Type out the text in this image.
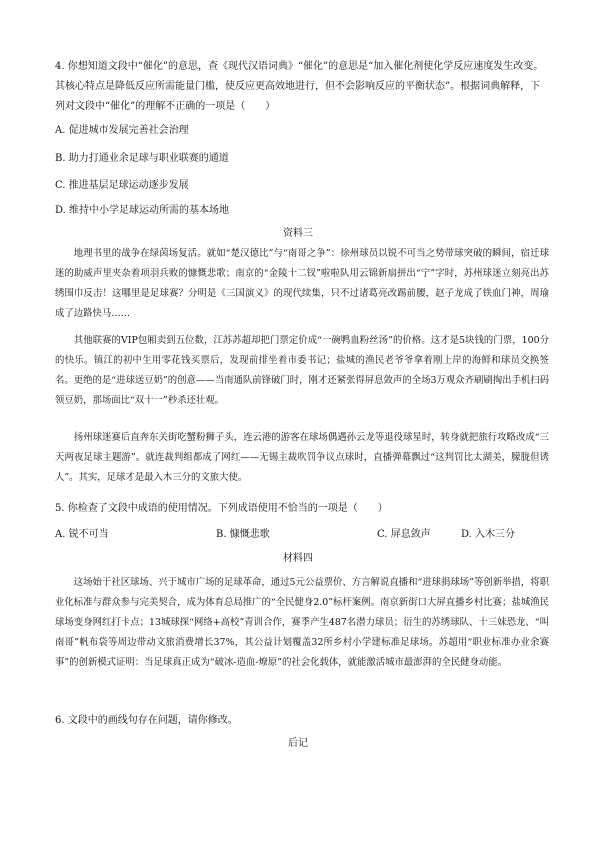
4. 你想知道文段中“催化”的意思，查《现代汉语词典》“催化”的意思是“加入催化剂使化学反应速度发生改变。其核心特点是降低反应所需能量门槛，使反应更高效地进行，但不会影响反应的平衡状态”。根据词典解释，下列对文段中“催化”的理解不正确的一项是（　　）

A. 促进城市发展完善社会治理

B. 助力打通业余足球与职业联赛的通道

C. 推进基层足球运动逐步发展

D. 维持中小学足球运动所需的基本场地

资料三

地理书里的战争在绿茵场复活。就如“楚汉德比”与“南哥之争”：徐州球员以锐不可当之势带球突破的瞬间，宿迁球迷的助威声里夹杂着项羽兵败的慷慨悲歌；南京的“金陵十二钗”啦啦队用云锦新扇拼出“宁”字时，苏州球迷立刻亮出苏绣围巾反击！这哪里是足球赛？分明是《三国演义》的现代续集，只不过诸葛亮改踢前腰，赵子龙成了铁血门神，周瑜成了边路快马……

其他联赛的VIP包厢卖到五位数，江苏苏超却把门票定价成“一碗鸭血粉丝汤”的价格。这才是5块钱的门票，100分的快乐。镇江的初中生用零花钱买票后，发现前排坐着市委书记；盐城的渔民老爷爷拿着刚上岸的海鲜和球员交换签名。更绝的是“进球送豆奶”的创意——当南通队前锋破门时，刚才还紧张得屏息敛声的全场3万观众齐刷刷掏出手机扫码领豆奶，那场面比“双十一”秒杀还壮观。

扬州球迷赛后直奔东关街吃蟹粉狮子头，连云港的游客在球场偶遇孙云龙等退役球星时，转身就把旅行攻略改成“三天两夜足球主题游”。就连裁判组都成了网红——无锡主裁吹罚争议点球时，直播弹幕飘过“这判罚比太湖美，朦胧但诱人”。其实，足球才是最入木三分的文旅大使。

5. 你检查了文段中成语的使用情况。下列成语使用不恰当的一项是（　　）

A. 锐不可当	B. 慷慨悲歌	C. 屏息敛声	D. 入木三分

材料四

这场始于社区球场、兴于城市广场的足球革命，通过5元公益票价、方言解说直播和“进球捐球场”等创新举措，将职业化标准与群众参与完美契合，成为体育总局推广的“全民健身2.0”标杆案例。南京新街口大屏直播乡村比赛；盐城渔民球场变身网红打卡点；13城球探“网络+高校”青训合作，赛季产生487名潜力球员；衍生的苏绣球队、十三妹恐龙、“叫南哥”帆布袋等周边带动文旅消费增长37%，其公益计划覆盖32所乡村小学建标准足球场。苏超用“职业标准办业余赛事”的创新模式证明：当足球真正成为“破冰-造血-燎原”的社会化载体，就能激活城市最澎湃的全民健身动能。

6. 文段中的画线句存在问题，请你修改。

后记
